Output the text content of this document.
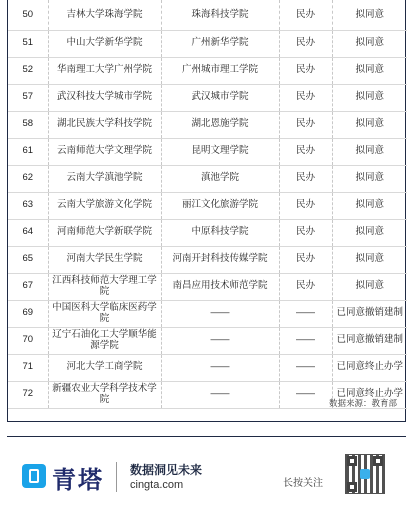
50	吉林大学珠海学院	珠海科技学院	民办	拟同意
51	中山大学新华学院	广州新华学院	民办	拟同意
52	华南理工大学广州学院	广州城市理工学院	民办	拟同意
57	武汉科技大学城市学院	武汉城市学院	民办	拟同意
58	湖北民族大学科技学院	湖北恩施学院	民办	拟同意
61	云南师范大学文理学院	昆明文理学院	民办	拟同意
62	云南大学滇池学院	滇池学院	民办	拟同意
63	云南大学旅游文化学院	丽江文化旅游学院	民办	拟同意
64	河南师范大学新联学院	中原科技学院	民办	拟同意
65	河南大学民生学院	河南开封科技传媒学院	民办	拟同意
67	江西科技师范大学理工学院	南昌应用技术师范学院	民办	拟同意
69	中国医科大学临床医药学院	——	——	已同意撤销建制
70	辽宁石油化工大学顺华能源学院	——	——	已同意撤销建制
71	河北大学工商学院	——	——	已同意终止办学
72	新疆农业大学科学技术学院	——	——	已同意终止办学
数据来源：教育部
青塔 数据洞见未来
cingta.com	长按关注
